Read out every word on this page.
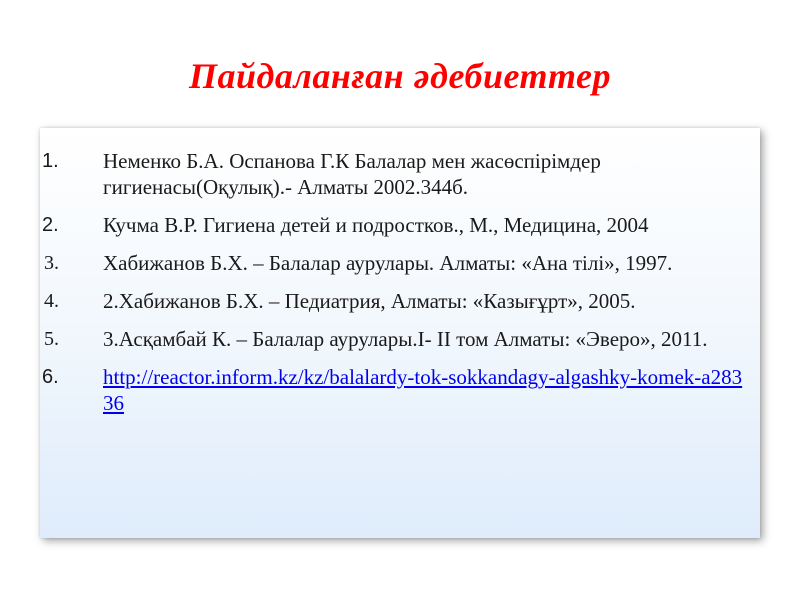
Пайдаланған әдебиеттер
1. Неменко Б.А. Оспанова Г.К Балалар мен жасөспірімдер гигиенасы(Оқулық).- Алматы 2002.344б.
2. Кучма В.Р. Гигиена детей и подростков., М., Медицина, 2004
3. Хабижанов Б.Х. – Балалар аурулары. Алматы: «Ана тілі», 1997.
4. 2.Хабижанов Б.Х. – Педиатрия, Алматы: «Казығұрт», 2005.
5. 3.Асқамбай К. – Балалар аурулары.І- ІІ том Алматы: «Эверо», 2011.
6. http://reactor.inform.kz/kz/balalardy-tok-sokkandagy-algashky-komek-a28336
